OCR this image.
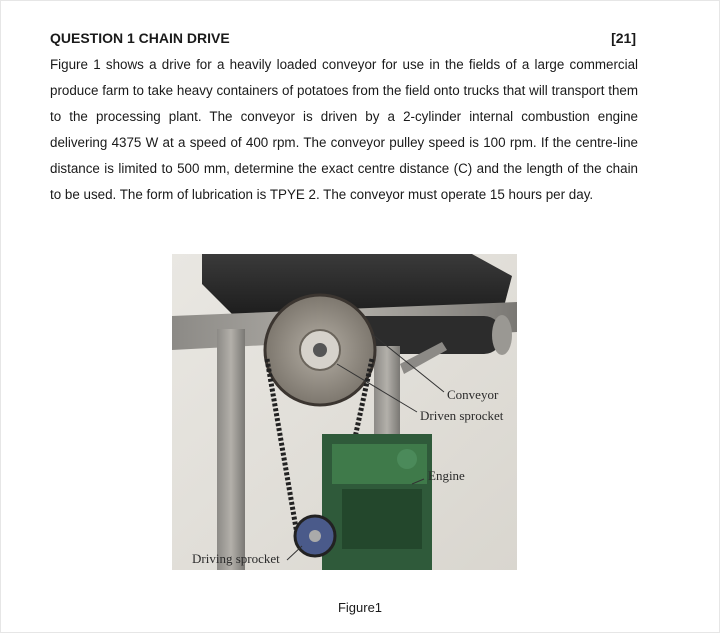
QUESTION 1 CHAIN DRIVE	[21]
Figure 1 shows a drive for a heavily loaded conveyor for use in the fields of a large commercial produce farm to take heavy containers of potatoes from the field onto trucks that will transport them to the processing plant. The conveyor is driven by a 2-cylinder internal combustion engine delivering 4375 W at a speed of 400 rpm. The conveyor pulley speed is 100 rpm. If the centre-line distance is limited to 500 mm, determine the exact centre distance (C) and the length of the chain to be used. The form of lubrication is TPYE 2. The conveyor must operate 15 hours per day.
Conveyor
Driven sprocket
Engine
Driving sprocket
Figure1
